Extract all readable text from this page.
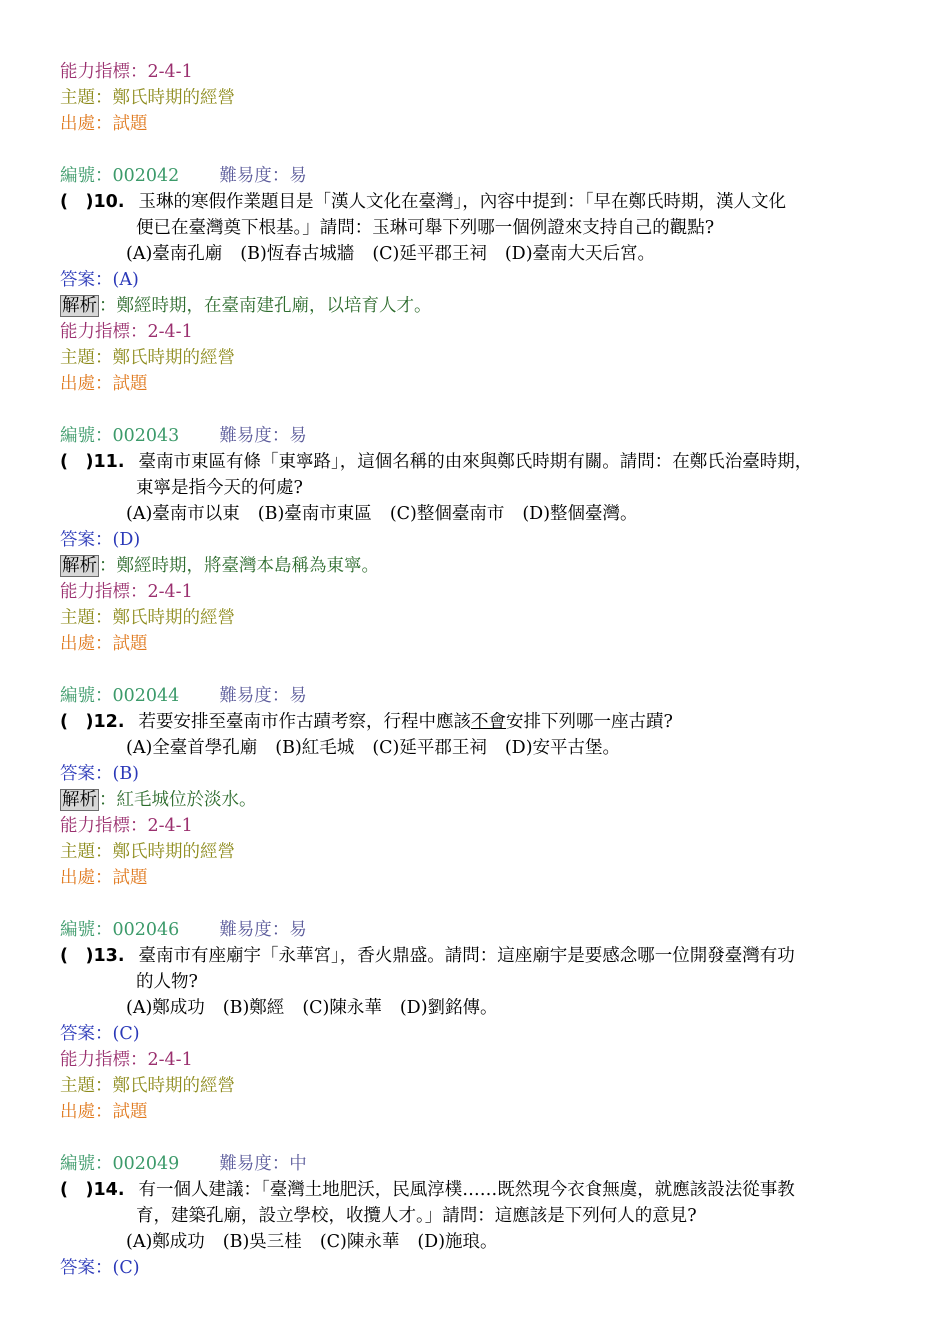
能力指標：2-4-1
主題：鄭氏時期的經營
出處：試題
編號：002042 難易度：易
(　)10. 玉琳的寒假作業題目是「漢人文化在臺灣」，內容中提到：「早在鄭氏時期，漢人文化
便已在臺灣奠下根基。」請問：玉琳可舉下列哪一個例證來支持自己的觀點?
(A)臺南孔廟 (B)恆春古城牆 (C)延平郡王祠 (D)臺南大天后宮。
答案：(A)
解析 ：鄭經時期，在臺南建孔廟，以培育人才。
能力指標：2-4-1
主題：鄭氏時期的經營
出處：試題
編號：002043 難易度：易
(　)11. 臺南市東區有條「東寧路」，這個名稱的由來與鄭氏時期有關。請問：在鄭氏治臺時期，
東寧是指今天的何處?
(A)臺南市以東 (B)臺南市東區 (C)整個臺南市 (D)整個臺灣。
答案：(D)
解析 ：鄭經時期，將臺灣本島稱為東寧。
能力指標：2-4-1
主題：鄭氏時期的經營
出處：試題
編號：002044 難易度：易
(　)12. 若要安排至臺南市作古蹟考察，行程中應該不會安排下列哪一座古蹟?
(A)全臺首學孔廟 (B)紅毛城 (C)延平郡王祠 (D)安平古堡。
答案：(B)
解析 ：紅毛城位於淡水。
能力指標：2-4-1
主題：鄭氏時期的經營
出處：試題
編號：002046 難易度：易
(　)13. 臺南市有座廟宇「永華宮」，香火鼎盛。請問：這座廟宇是要感念哪一位開發臺灣有功
的人物?
(A)鄭成功 (B)鄭經 (C)陳永華 (D)劉銘傳。
答案：(C)
能力指標：2-4-1
主題：鄭氏時期的經營
出處：試題
編號：002049 難易度：中
(　)14. 有一個人建議：「臺灣土地肥沃，民風淳樸……既然現今衣食無虞，就應該設法從事教
育，建築孔廟，設立學校，收攬人才。」請問：這應該是下列何人的意見?
(A)鄭成功 (B)吳三桂 (C)陳永華 (D)施琅。
答案：(C)
